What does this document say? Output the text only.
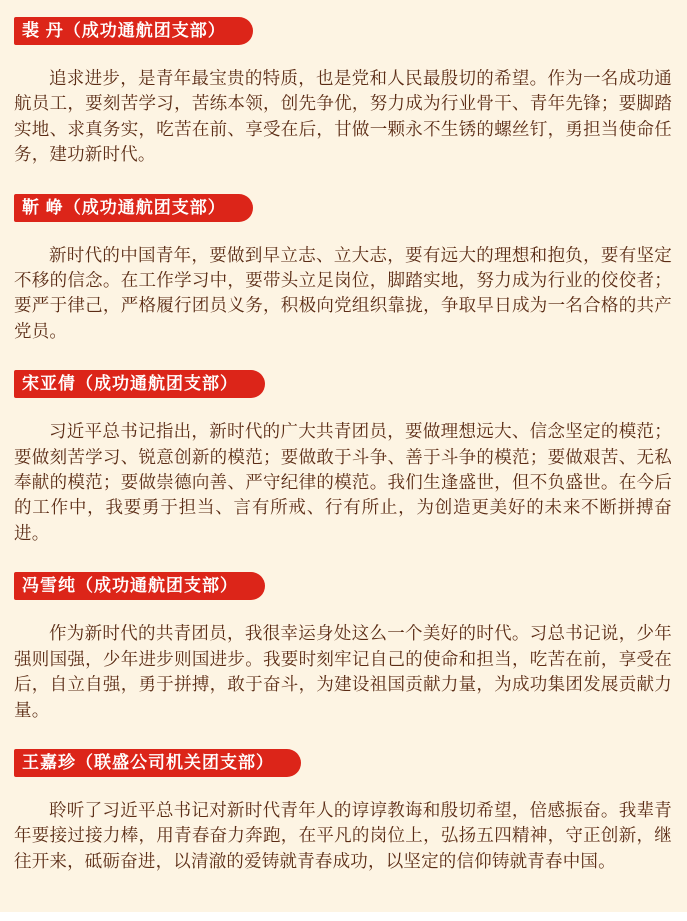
裴 丹（成功通航团支部）

追求进步，是青年最宝贵的特质，也是党和人民最殷切的希望。作为一名成功通航员工，要刻苦学习，苦练本领，创先争优，努力成为行业骨干、青年先锋；要脚踏实地、求真务实，吃苦在前、享受在后，甘做一颗永不生锈的螺丝钉，勇担当使命任务，建功新时代。

靳 峥（成功通航团支部）

新时代的中国青年，要做到早立志、立大志，要有远大的理想和抱负，要有坚定不移的信念。在工作学习中，要带头立足岗位，脚踏实地，努力成为行业的佼佼者；要严于律己，严格履行团员义务，积极向党组织靠拢，争取早日成为一名合格的共产党员。

宋亚倩（成功通航团支部）

习近平总书记指出，新时代的广大共青团员，要做理想远大、信念坚定的模范；要做刻苦学习、锐意创新的模范；要做敢于斗争、善于斗争的模范；要做艰苦、无私奉献的模范；要做崇德向善、严守纪律的模范。我们生逢盛世，但不负盛世。在今后的工作中，我要勇于担当、言有所戒、行有所止，为创造更美好的未来不断拼搏奋进。

冯雪纯（成功通航团支部）

作为新时代的共青团员，我很幸运身处这么一个美好的时代。习总书记说，少年强则国强，少年进步则国进步。我要时刻牢记自己的使命和担当，吃苦在前，享受在后，自立自强，勇于拼搏，敢于奋斗，为建设祖国贡献力量，为成功集团发展贡献力量。

王嘉珍（联盛公司机关团支部）

聆听了习近平总书记对新时代青年人的谆谆教诲和殷切希望，倍感振奋。我辈青年要接过接力棒，用青春奋力奔跑，在平凡的岗位上，弘扬五四精神，守正创新，继往开来，砥砺奋进，以清澈的爱铸就青春成功，以坚定的信仰铸就青春中国。
